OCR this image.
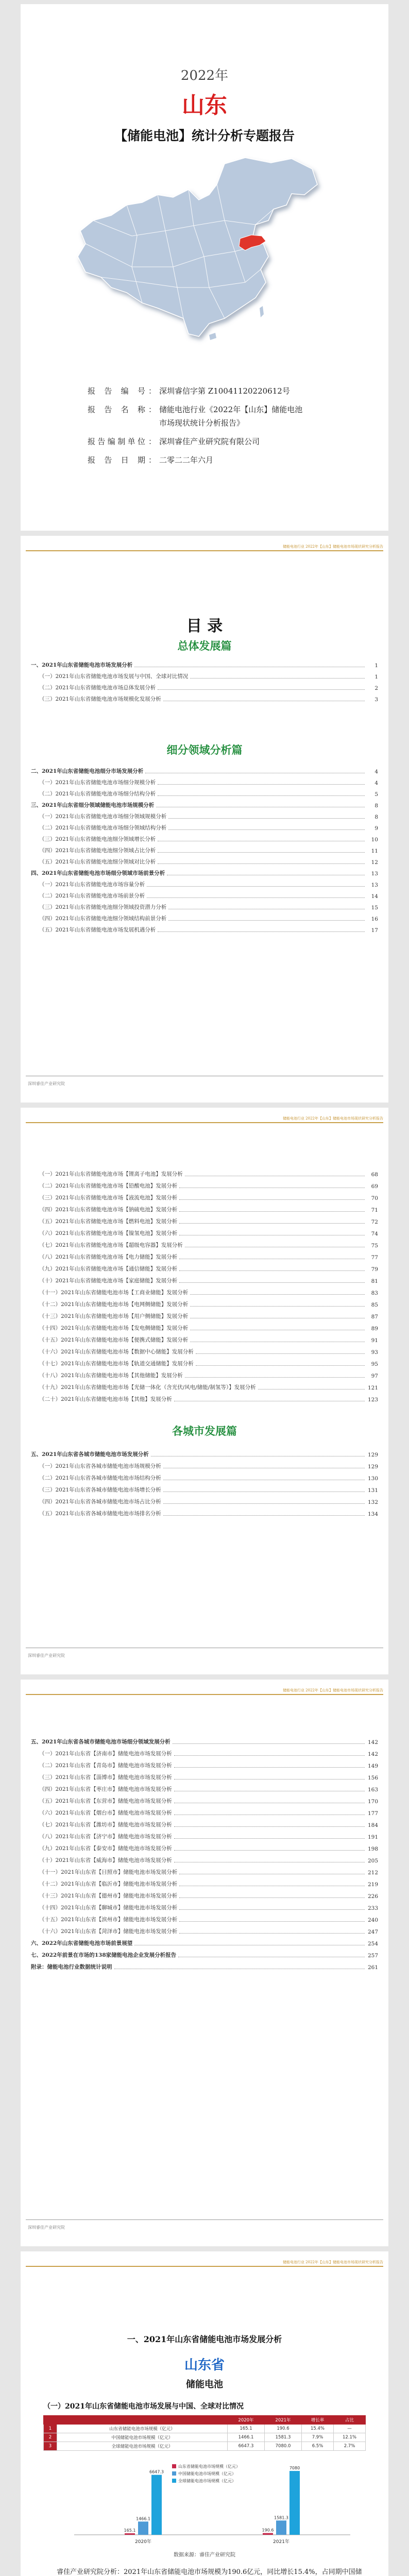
2022年
山东
【储能电池】统计分析专题报告
报告编号 ： 深圳睿信字第 Z10041120220612号
报告名称 ： 储能电池行业《2022年【山东】储能电池
市场现状统计分析报告》
报告编制单位 ： 深圳睿佳产业研究院有限公司
报告日期 ： 二零二二年六月
储能电池行业 2022年【山东】储能电池市场现状研究分析报告
目 录
总体发展篇
一、2021年山东省储能电池市场发展分析	1
（一）2021年山东省储能电池市场发展与中国、全球对比情况	1
（二）2021年山东省储能电池市场总体发展分析	2
（三）2021年山东省储能电池市场规模化发展分析	3
细分领域分析篇
二、2021年山东省储能电池细分市场发展分析	4
（一）2021年山东省储能电池市场细分规模分析	4
（二）2021年山东省储能电池市场细分结构分析	5
三、2021年山东省细分领域储能电池市场规模分析	8
（一）2021年山东省储能电池市场细分领域规模分析	8
（二）2021年山东省储能电池市场细分领域结构分析	9
（三）2021年山东省储能电池细分领域增长分析	10
（四）2021年山东省储能电池细分领域占比分析	11
（五）2021年山东省储能电池细分领域对比分析	12
四、2021年山东省储能电池市场细分领域市场前景分析	13
（一）2021年山东省储能电池市场容量分析	13
（二）2021年山东省储能电池市场前景分析	14
（三）2021年山东省储能电池细分领域投资潜力分析	15
（四）2021年山东省储能电池细分领域结构前景分析	16
（五）2021年山东省储能电池市场发展机遇分析	17
深圳睿佳产业研究院
储能电池行业 2022年【山东】储能电池市场现状研究分析报告
（一）2021年山东省储能电池市场【锂离子电池】发展分析	68
（二）2021年山东省储能电池市场【铅酸电池】发展分析	69
（三）2021年山东省储能电池市场【液流电池】发展分析	70
（四）2021年山东省储能电池市场【钠硫电池】发展分析	71
（五）2021年山东省储能电池市场【燃料电池】发展分析	72
（六）2021年山东省储能电池市场【镍氢电池】发展分析	74
（七）2021年山东省储能电池市场【超级电容器】发展分析	75
（八）2021年山东省储能电池市场【电力储能】发展分析	77
（九）2021年山东省储能电池市场【通信储能】发展分析	79
（十）2021年山东省储能电池市场【家庭储能】发展分析	81
（十一）2021年山东省储能电池市场【工商业储能】发展分析	83
（十二）2021年山东省储能电池市场【电网侧储能】发展分析	85
（十三）2021年山东省储能电池市场【用户侧储能】发展分析	87
（十四）2021年山东省储能电池市场【发电侧储能】发展分析	89
（十五）2021年山东省储能电池市场【便携式储能】发展分析	91
（十六）2021年山东省储能电池市场【数据中心储能】发展分析	93
（十七）2021年山东省储能电池市场【轨道交通储能】发展分析	95
（十八）2021年山东省储能电池市场【其他储能】发展分析	97
（十九）2021年山东省储能电池市场【光储一体化（含光伏/风电/储能/制氢等）】发展分析	121
（二十）2021年山东省储能电池市场【其他】发展分析	123
各城市发展篇
五、2021年山东省各城市储能电池市场发展分析	129
（一）2021年山东省各城市储能电池市场规模分析	129
（二）2021年山东省各城市储能电池市场结构分析	130
（三）2021年山东省各城市储能电池市场增长分析	131
（四）2021年山东省各城市储能电池市场占比分析	132
（五）2021年山东省各城市储能电池市场排名分析	134
深圳睿佳产业研究院
储能电池行业 2022年【山东】储能电池市场现状研究分析报告
五、2021年山东省各城市储能电池市场细分领域发展分析	142
（一）2021年山东省【济南市】储能电池市场发展分析	142
（二）2021年山东省【青岛市】储能电池市场发展分析	149
（三）2021年山东省【淄博市】储能电池市场发展分析	156
（四）2021年山东省【枣庄市】储能电池市场发展分析	163
（五）2021年山东省【东营市】储能电池市场发展分析	170
（六）2021年山东省【烟台市】储能电池市场发展分析	177
（七）2021年山东省【潍坊市】储能电池市场发展分析	184
（八）2021年山东省【济宁市】储能电池市场发展分析	191
（九）2021年山东省【泰安市】储能电池市场发展分析	198
（十）2021年山东省【威海市】储能电池市场发展分析	205
（十一）2021年山东省【日照市】储能电池市场发展分析	212
（十二）2021年山东省【临沂市】储能电池市场发展分析	219
（十三）2021年山东省【德州市】储能电池市场发展分析	226
（十四）2021年山东省【聊城市】储能电池市场发展分析	233
（十五）2021年山东省【滨州市】储能电池市场发展分析	240
（十六）2021年山东省【菏泽市】储能电池市场发展分析	247
六、2022年山东省储能电池市场前景展望	254
七、2022年前景在市场的138家储能电池企业发展分析报告	257
附录：储能电池行业数据统计说明	261
深圳睿佳产业研究院
储能电池行业 2022年【山东】储能电池市场现状研究分析报告
一、2021年山东省储能电池市场发展分析
山东省
储能电池
（一）2021年山东省储能电池市场发展与中国、全球对比情况
		2020年	2021年	增长率	占比
1	山东省储能电池市场规模（亿元）	165.1	190.6	15.4%	—
2	中国储能电池市场规模（亿元）	1466.1	1581.3	7.9%	12.1%
3	全球储能电池市场规模（亿元）	6647.3	7080.0	6.5%	2.7%
165.1
1466.1
6647.3
2020年
190.6
1581.3
7080
2021年
山东省储能电池市场规模（亿元）
中国储能电池市场规模（亿元）
全球储能电池市场规模（亿元）
数据来源：睿佳产业研究院
睿佳产业研究院分析：2021年山东省储能电池市场规模为190.6亿元，同比增长15.4%，占同期中国储
